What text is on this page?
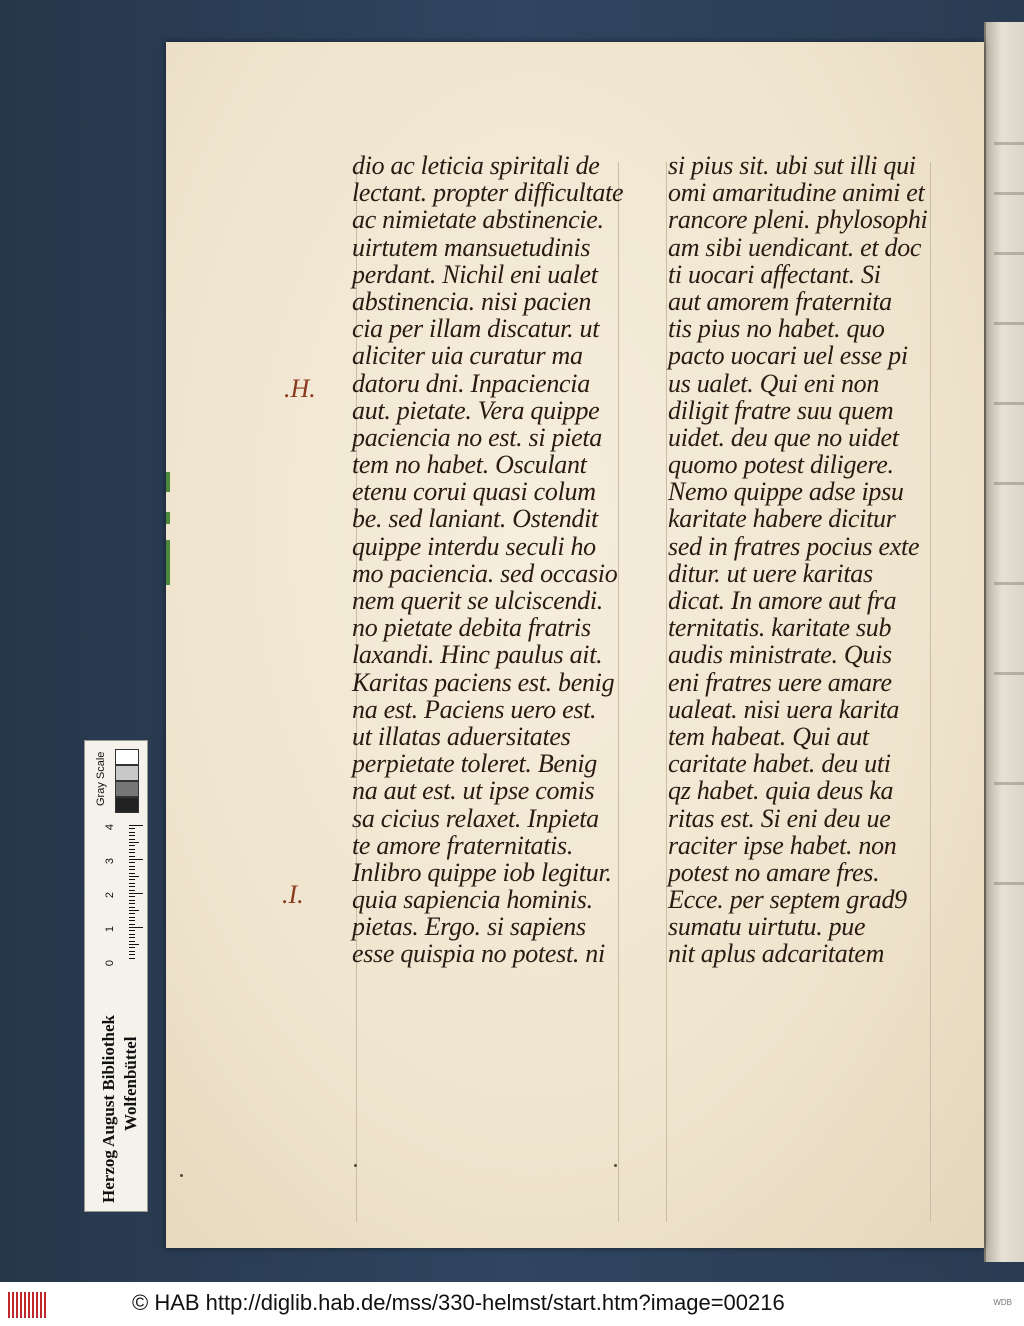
.H.
.I.
dio ac leticia spiritali de
lectant. propter difficultate
ac nimietate abstinencie.
uirtutem mansuetudinis
perdant. Nichil eni ualet
abstinencia. nisi pacien
cia per illam discatur. ut
aliciter uia curatur ma
datoru dni. Inpaciencia
aut. pietate. Vera quippe
paciencia no est. si pieta
tem no habet. Osculant
etenu corui quasi colum
be. sed laniant. Ostendit
quippe interdu seculi ho
mo paciencia. sed occasio
nem querit se ulciscendi.
no pietate debita fratris
laxandi. Hinc paulus ait.
Karitas paciens est. benig
na est. Paciens uero est.
ut illatas aduersitates
perpietate toleret. Benig
na aut est. ut ipse comis
sa cicius relaxet. Inpieta
te amore fraternitatis.
Inlibro quippe iob legitur.
quia sapiencia hominis.
pietas. Ergo. si sapiens
esse quispia no potest. ni
si pius sit. ubi sut illi qui
omi amaritudine animi et
rancore pleni. phylosophi
am sibi uendicant. et doc
ti uocari affectant. Si
aut amorem fraternita
tis pius no habet. quo
pacto uocari uel esse pi
us ualet. Qui eni non
diligit fratre suu quem
uidet. deu que no uidet
quomo potest diligere.
Nemo quippe adse ipsu
karitate habere dicitur
sed in fratres pocius exte
ditur. ut uere karitas
dicat. In amore aut fra
ternitatis. karitate sub
audis ministrate. Quis
eni fratres uere amare
ualeat. nisi uera karita
tem habeat. Qui aut
caritate habet. deu uti
qz habet. quia deus ka
ritas est. Si eni deu ue
raciter ipse habet. non
potest no amare fres.
Ecce. per septem grad9
sumatu uirtutu. pue
nit aplus adcaritatem
4
3
2
1
0
Herzog August Bibliothek Wolfenbüttel
Gray Scale
© HAB http://diglib.hab.de/mss/330-helmst/start.htm?image=00216	WDB
